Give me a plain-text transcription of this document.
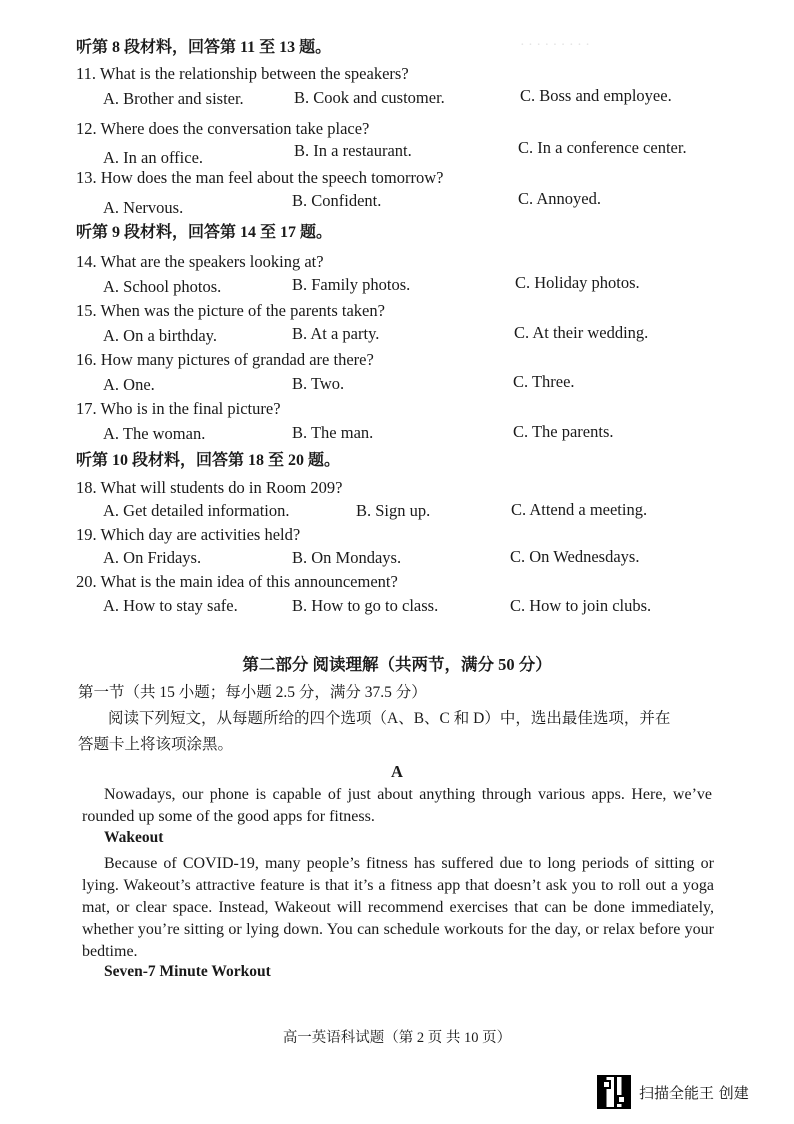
· · · · · · · · ·
听第 8 段材料，回答第 11 至 13 题。
11. What is the relationship between the speakers?
A. Brother and sister.	B. Cook and customer.	C. Boss and employee.
12. Where does the conversation take place?
A. In an office.	B. In a restaurant.	C. In a conference center.
13. How does the man feel about the speech tomorrow?
A. Nervous.	B. Confident.	C. Annoyed.
听第 9 段材料，回答第 14 至 17 题。
14. What are the speakers looking at?
A. School photos.	B. Family photos.	C. Holiday photos.
15. When was the picture of the parents taken?
A. On a birthday.	B. At a party.	C. At their wedding.
16. How many pictures of grandad are there?
A. One.	B. Two.	C. Three.
17. Who is in the final picture?
A. The woman.	B. The man.	C. The parents.
听第 10 段材料，回答第 18 至 20 题。
18. What will students do in Room 209?
A. Get detailed information.	B. Sign up.	C. Attend a meeting.
19. Which day are activities held?
A. On Fridays.	B. On Mondays.	C. On Wednesdays.
20. What is the main idea of this announcement?
A. How to stay safe.	B. How to go to class.	C. How to join clubs.
第二部分 阅读理解（共两节，满分 50 分）
第一节（共 15 小题；每小题 2.5 分，满分 37.5 分）
阅读下列短文，从每题所给的四个选项（A、B、C 和 D）中，选出最佳选项，并在
答题卡上将该项涂黑。
A
Nowadays, our phone is capable of just about anything through various apps. Here, we’ve rounded up some of the good apps for fitness.
Wakeout
Because of COVID-19, many people’s fitness has suffered due to long periods of sitting or lying. Wakeout’s attractive feature is that it’s a fitness app that doesn’t ask you to roll out a yoga mat, or clear space. Instead, Wakeout will recommend exercises that can be done immediately, whether you’re sitting or lying down. You can schedule workouts for the day, or relax before your bedtime.
Seven-7 Minute Workout
高一英语科试题（第 2 页 共 10 页）
扫描全能王 创建
